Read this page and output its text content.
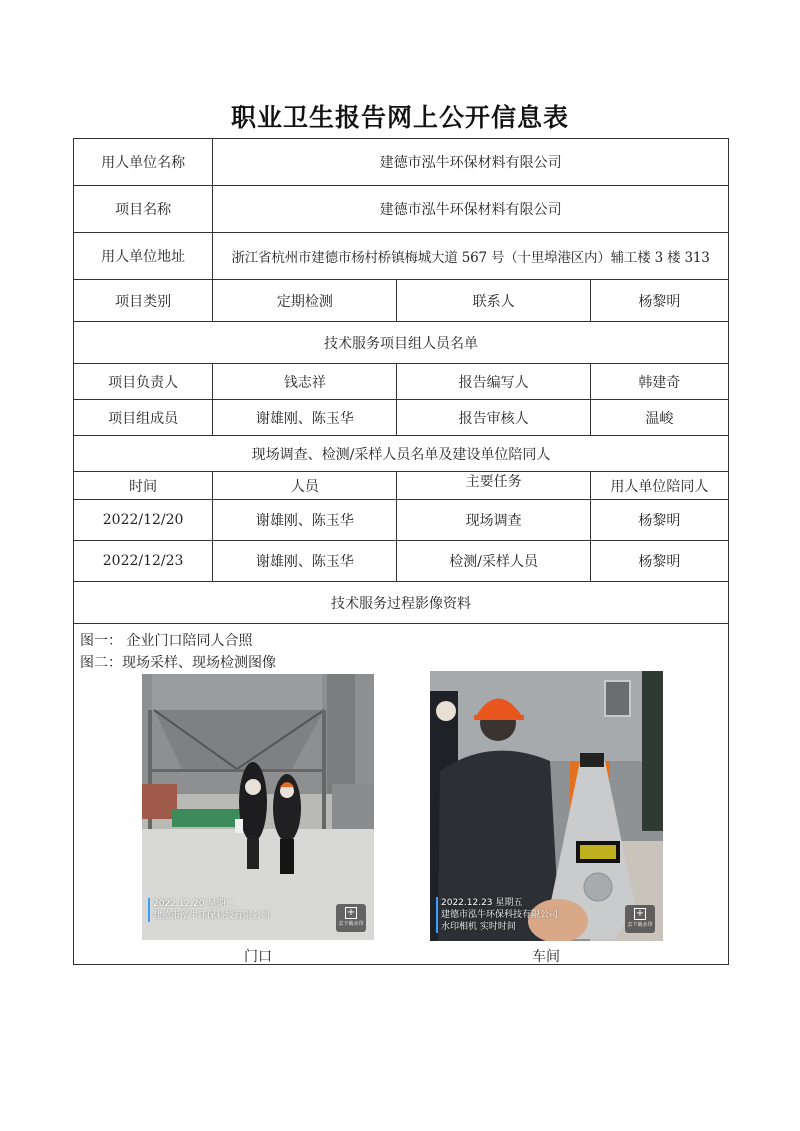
职业卫生报告网上公开信息表
用人单位名称	建德市泓牛环保材料有限公司		
项目名称	建德市泓牛环保材料有限公司		
用人单位地址	浙江省杭州市建德市杨村桥镇梅城大道 567 号（十里埠港区内）辅工楼 3 楼 313		
项目类别	定期检测	联系人	杨黎明
技术服务项目组人员名单			
项目负责人	钱志祥	报告编写人	韩建奇
项目组成员	谢雄刚、陈玉华	报告审核人	温峻
现场调查、检测/采样人员名单及建设单位陪同人			
时间	人员	主要任务	用人单位陪同人
2022/12/20	谢雄刚、陈玉华	现场调查	杨黎明
2022/12/23	谢雄刚、陈玉华	检测/采样人员	杨黎明
技术服务过程影像资料			

图一： 企业门口陪同人合照
图二：现场采样、现场检测图像
2022.12.20 星期二
建德市泓牛环保科技有限公司	+
去下载水印
门口
2022.12.23 星期五
建德市泓牛环保科技有限公司
水印相机 实时时间
+
去下载水印
车间
